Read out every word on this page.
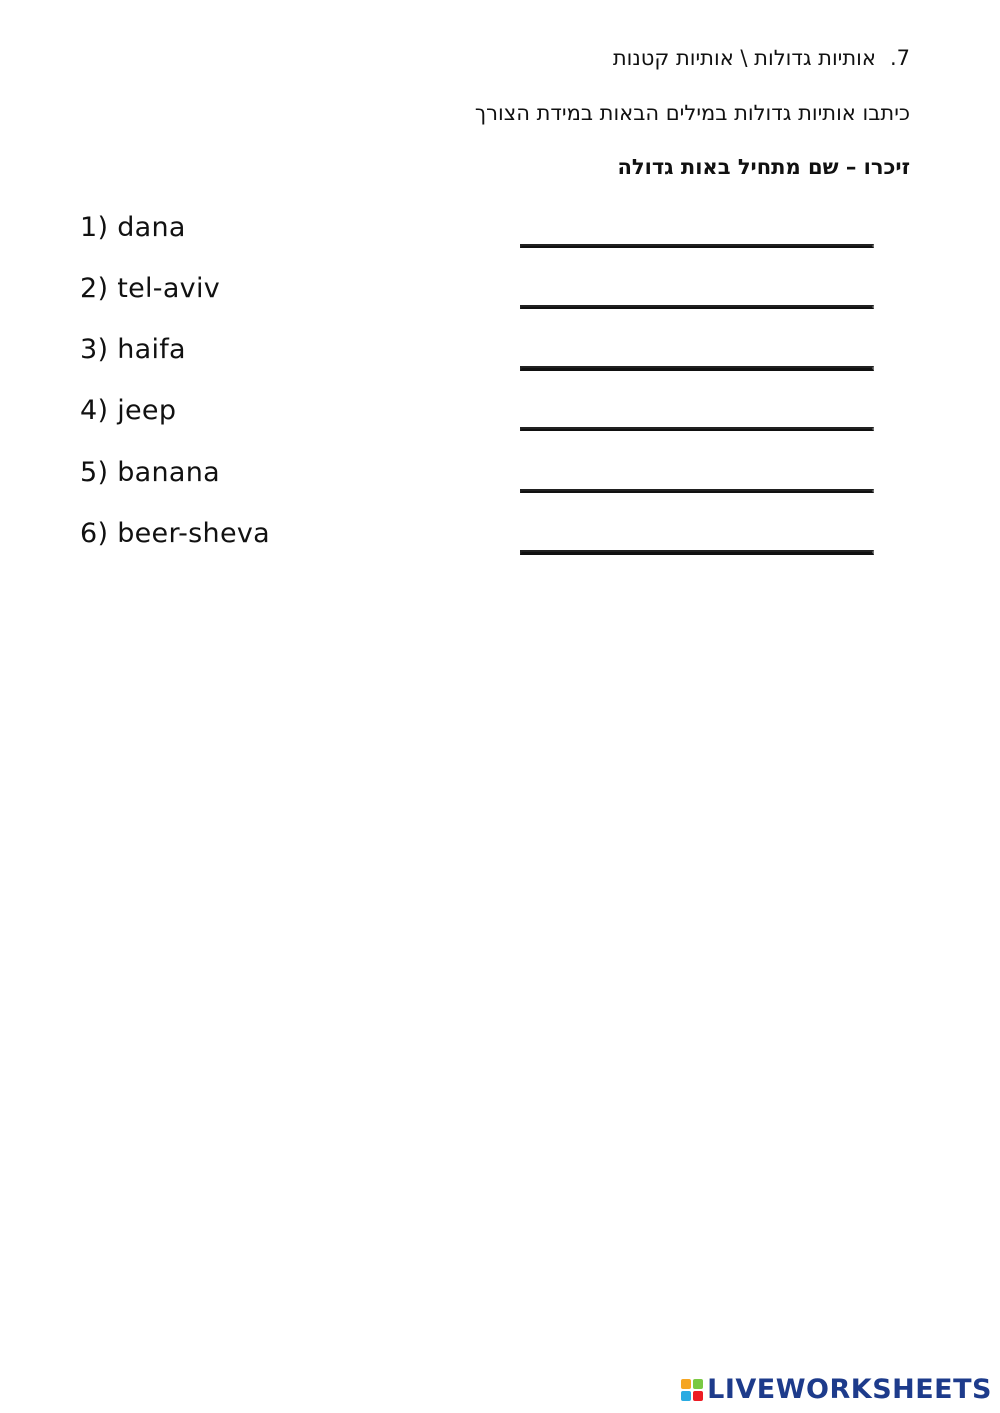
7.אותיות גדולות \ אותיות קטנות
כיתבו אותיות גדולות במילים הבאות במידת הצורך
זיכרו – שם מתחיל באות גדולה
1) dana
2) tel-aviv
3) haifa
4) jeep
5) banana
6) beer-sheva
LIVEWORKSHEETS
